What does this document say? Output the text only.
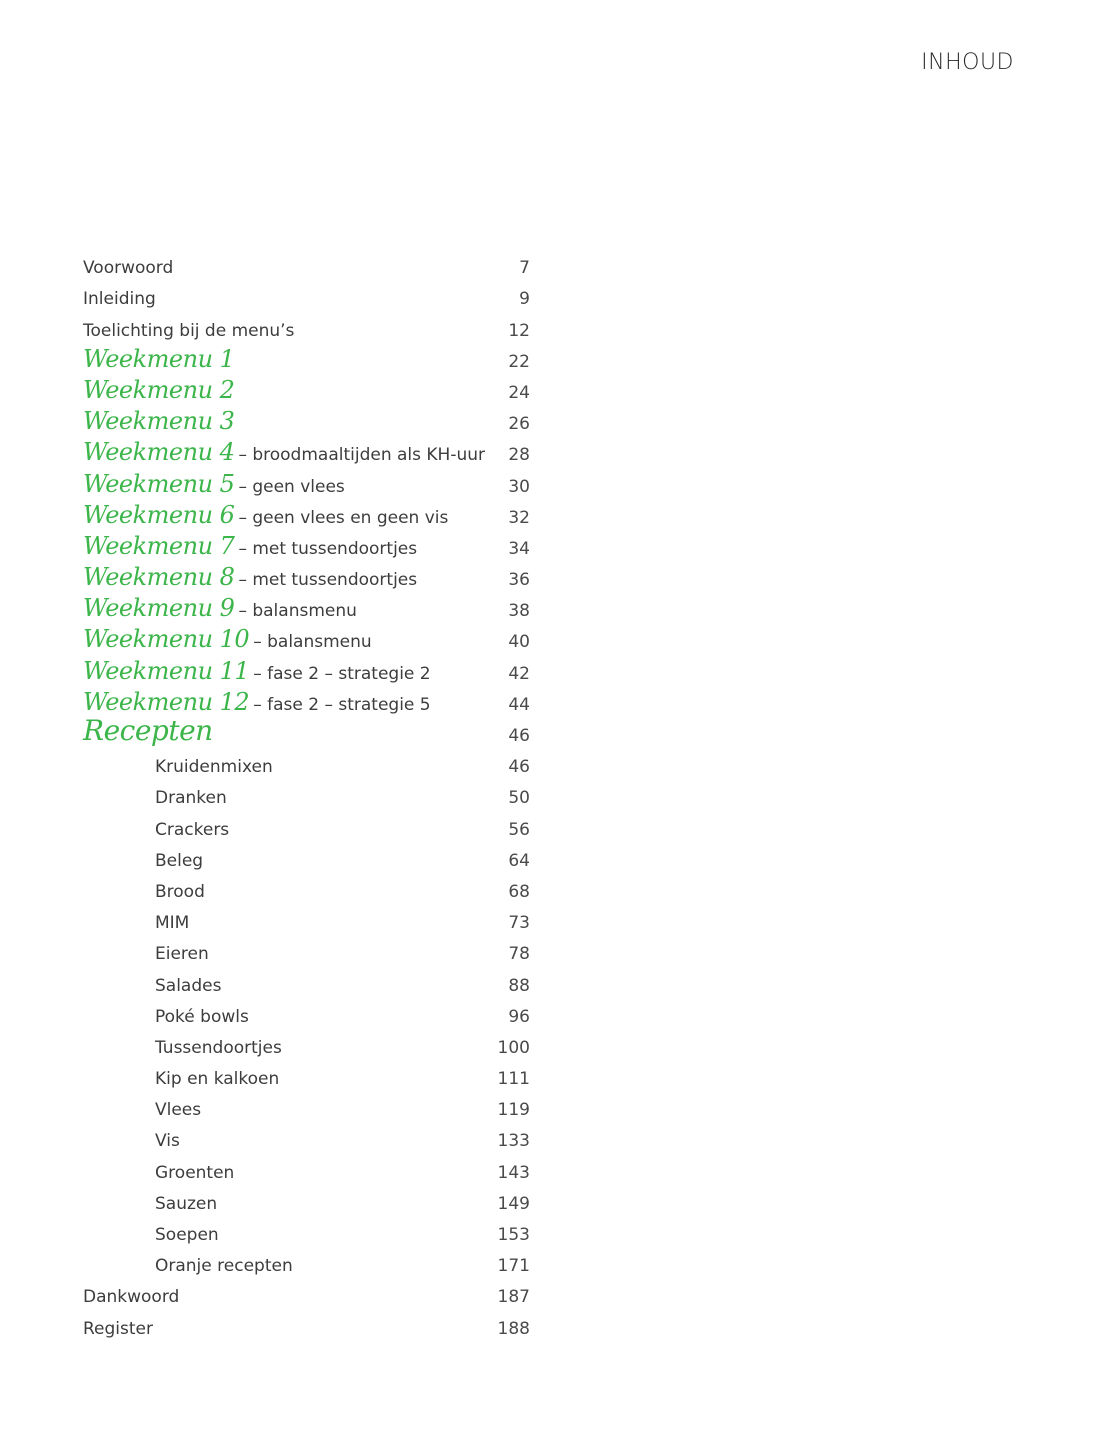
INHOUD
Voorwoord	7
Inleiding	9
Toelichting bij de menu’s	12
Weekmenu 1	22
Weekmenu 2	24
Weekmenu 3	26
Weekmenu 4 – broodmaaltijden als KH-uur	28
Weekmenu 5 – geen vlees	30
Weekmenu 6 – geen vlees en geen vis	32
Weekmenu 7 – met tussendoortjes	34
Weekmenu 8 – met tussendoortjes	36
Weekmenu 9 – balansmenu	38
Weekmenu 10 – balansmenu	40
Weekmenu 11 – fase 2 – strategie 2	42
Weekmenu 12 – fase 2 – strategie 5	44
Recepten	46
Kruidenmixen	46
Dranken	50
Crackers	56
Beleg	64
Brood	68
MIM	73
Eieren	78
Salades	88
Poké bowls	96
Tussendoortjes	100
Kip en kalkoen	111
Vlees	119
Vis	133
Groenten	143
Sauzen	149
Soepen	153
Oranje recepten	171
Dankwoord	187
Register	188
